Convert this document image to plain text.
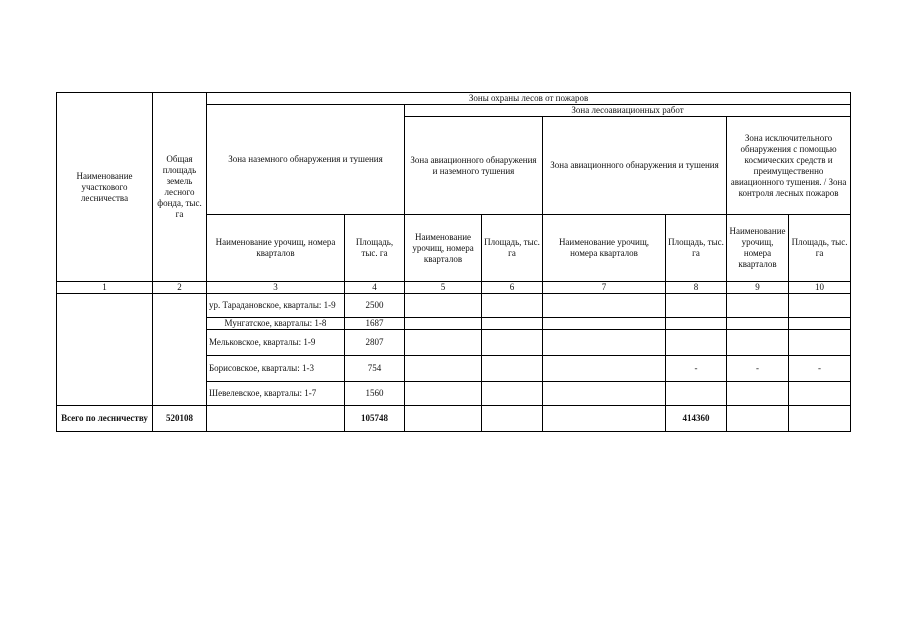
Наименование участкового лесничества	Общая площадь земель лесного фонда, тыс. га	Зоны охраны лесов от пожаров							
		Зона наземного обнаружения и тушения		Зона лесоавиационных работ					
				Зона авиационного обнаружения и наземного тушения		Зона авиационного обнаружения и тушения		Зона исключительного обнаружения с помощью космических средств и преимущественно авиационного тушения. / Зона контроля лесных пожаров	
		Наименование урочищ, номера кварталов	Площадь, тыс. га	Наименование урочищ, номера кварталов	Площадь, тыс. га	Наименование урочищ, номера кварталов	Площадь, тыс. га	Наименование урочищ, номера кварталов	Площадь, тыс. га
1	2	3	4	5	6	7	8	9	10
		ур. Тарадановское, кварталы: 1-9	2500						
		Мунгатское, кварталы: 1-8	1687						
		Мельковское, кварталы: 1-9	2807						
		Борисовское, кварталы: 1-3	754				-	-	-
		Шевелевское, кварталы: 1-7	1560						
Всего по лесничеству	520108		105748				414360		
